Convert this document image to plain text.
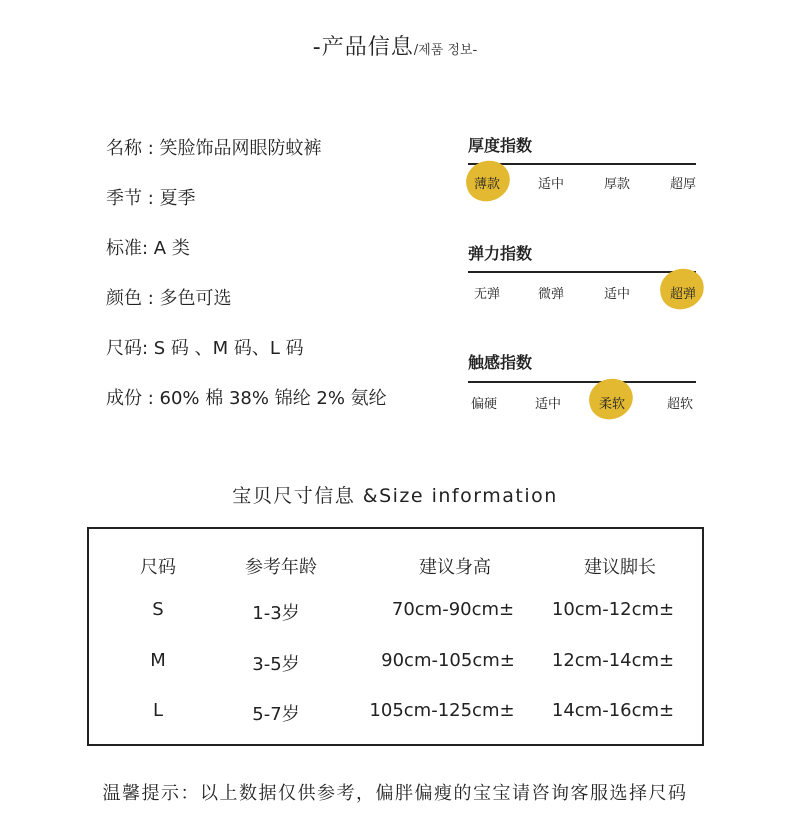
-产品信息/제품 정보-
名称 : 笑脸饰品网眼防蚊裤
季节 : 夏季
标准: A 类
颜色 : 多色可选
尺码: S 码 、M 码、L 码
成份 : 60% 棉 38% 锦纶 2% 氨纶
厚度指数
薄款	适中	厚款	超厚
弹力指数
无弹	微弹	适中	超弹
触感指数
偏硬	适中	柔软	超软
宝贝尺寸信息 &Size information
尺码	参考年龄	建议身高	建议脚长
S	1-3岁	70cm-90cm± 10cm-12cm±
M	3-5岁	90cm-105cm± 12cm-14cm±
L	5-7岁	105cm-125cm± 14cm-16cm±
温馨提示：以上数据仅供参考，偏胖偏瘦的宝宝请咨询客服选择尺码
